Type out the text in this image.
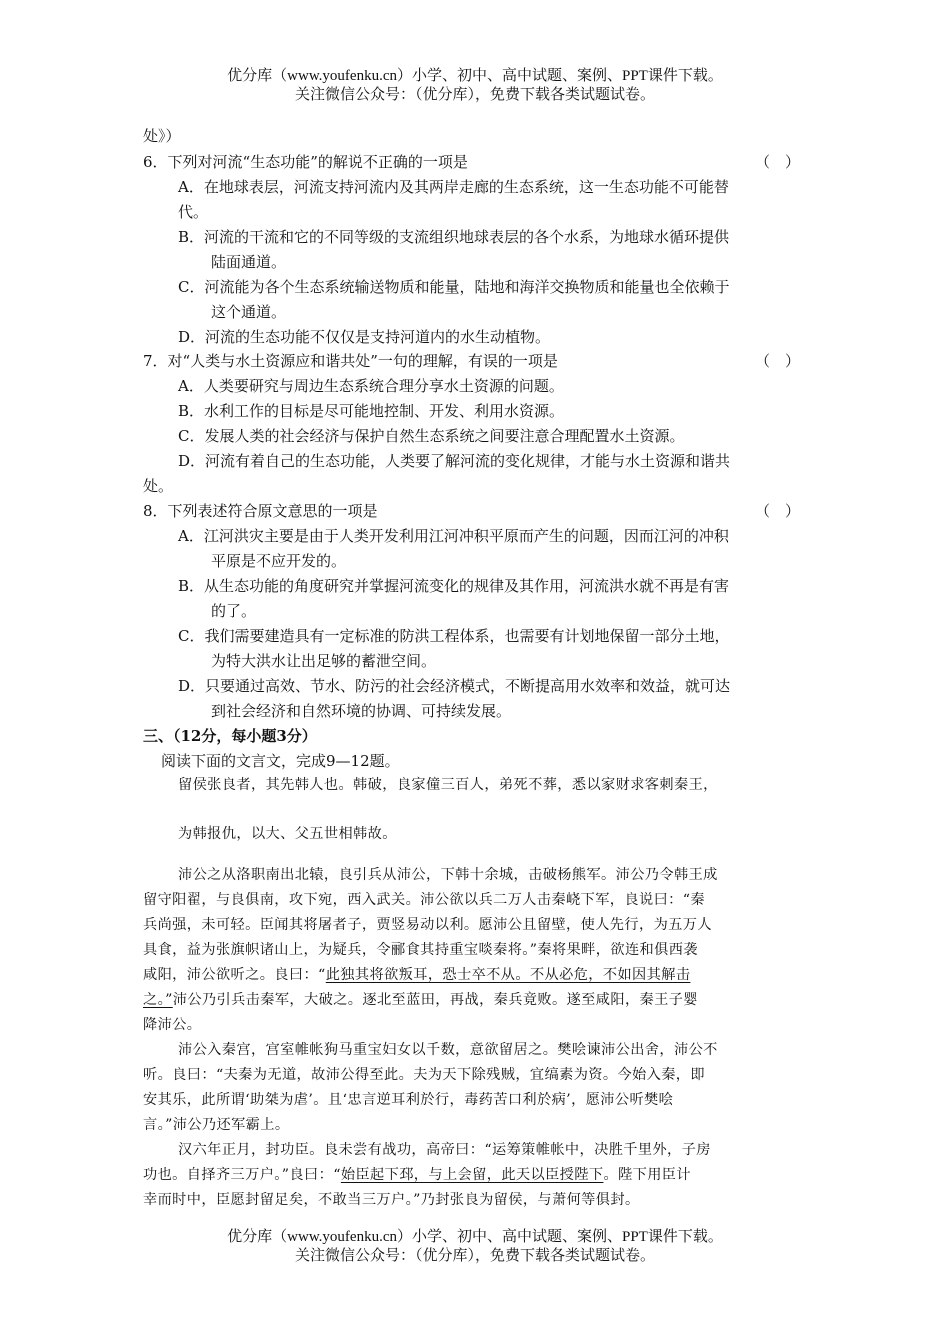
优分库（www.youfenku.cn）小学、初中、高中试题、案例、PPT课件下载。
关注微信公众号：（优分库），免费下载各类试题试卷。
处》）
6．下列对河流“生态功能”的解说不正确的一项是	（　）
A．在地球表层，河流支持河流内及其两岸走廊的生态系统，这一生态功能不可能替
代。
B．河流的干流和它的不同等级的支流组织地球表层的各个水系，为地球水循环提供
陆面通道。
C．河流能为各个生态系统输送物质和能量，陆地和海洋交换物质和能量也全依赖于
这个通道。
D．河流的生态功能不仅仅是支持河道内的水生动植物。
7．对“人类与水土资源应和谐共处”一句的理解，有误的一项是	（　）
A．人类要研究与周边生态系统合理分享水土资源的问题。
B．水利工作的目标是尽可能地控制、开发、利用水资源。
C．发展人类的社会经济与保护自然生态系统之间要注意合理配置水土资源。
D．河流有着自己的生态功能，人类要了解河流的变化规律，才能与水土资源和谐共
处。
8．下列表述符合原文意思的一项是	（　）
A．江河洪灾主要是由于人类开发利用江河冲积平原而产生的问题，因而江河的冲积
平原是不应开发的。
B．从生态功能的角度研究并掌握河流变化的规律及其作用，河流洪水就不再是有害
的了。
C．我们需要建造具有一定标准的防洪工程体系，也需要有计划地保留一部分土地，
为特大洪水让出足够的蓄泄空间。
D．只要通过高效、节水、防污的社会经济模式，不断提高用水效率和效益，就可达
到社会经济和自然环境的协调、可持续发展。
三、（12分，每小题3分）
阅读下面的文言文，完成9—12题。
留侯张良者，其先韩人也。韩破，良家僮三百人，弟死不葬，悉以家财求客刺秦王，
为韩报仇，以大、父五世相韩故。
沛公之从洛职南出北辕，良引兵从沛公，下韩十余城，击破杨熊军。沛公乃令韩王成
留守阳翟，与良俱南，攻下宛，西入武关。沛公欲以兵二万人击秦峣下军，良说曰：“秦
兵尚强，未可轻。臣闻其将屠者子，贾竖易动以利。愿沛公且留壁，使人先行，为五万人
具食，益为张旗帜诸山上，为疑兵，令郦食其持重宝啖秦将。”秦将果畔，欲连和俱西袭
咸阳，沛公欲听之。良曰：“此独其将欲叛耳，恐士卒不从。不从必危，不如因其解击
之。”沛公乃引兵击秦军，大破之。逐北至蓝田，再战，秦兵竟败。遂至咸阳，秦王子婴
降沛公。
沛公入秦宫，宫室帷帐狗马重宝妇女以千数，意欲留居之。樊哙谏沛公出舍，沛公不
听。良曰：“夫秦为无道，故沛公得至此。夫为天下除残贼，宜缟素为资。今始入秦，即
安其乐，此所谓‘助桀为虐’。且‘忠言逆耳利於行，毒药苦口利於病’，愿沛公听樊哙
言。”沛公乃还军霸上。
汉六年正月，封功臣。良未尝有战功，高帝曰：“运筹策帷帐中，决胜千里外，子房
功也。自择齐三万户。”良曰：“始臣起下邳，与上会留，此天以臣授陛下。陛下用臣计
幸而时中，臣愿封留足矣，不敢当三万户。”乃封张良为留侯，与萧何等俱封。
优分库（www.youfenku.cn）小学、初中、高中试题、案例、PPT课件下载。
关注微信公众号：（优分库），免费下载各类试题试卷。
